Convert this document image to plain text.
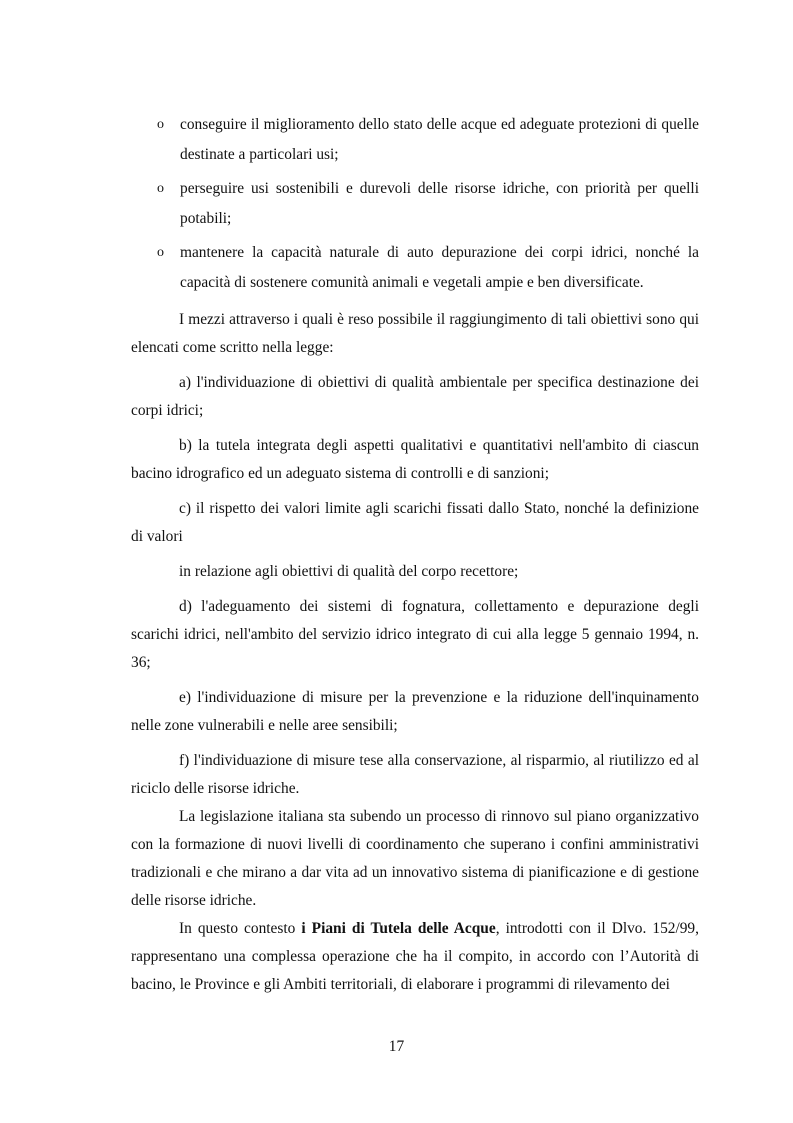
o conseguire il miglioramento dello stato delle acque ed adeguate protezioni di quelle destinate a particolari usi;
o perseguire usi sostenibili e durevoli delle risorse idriche, con priorità per quelli potabili;
o mantenere la capacità naturale di auto depurazione dei corpi idrici, nonché la capacità di sostenere comunità animali e vegetali ampie e ben diversificate.

I mezzi attraverso i quali è reso possibile il raggiungimento di tali obiettivi sono qui elencati come scritto nella legge:

a) l'individuazione di obiettivi di qualità ambientale per specifica destinazione dei corpi idrici;

b) la tutela integrata degli aspetti qualitativi e quantitativi nell'ambito di ciascun bacino idrografico ed un adeguato sistema di controlli e di sanzioni;

c) il rispetto dei valori limite agli scarichi fissati dallo Stato, nonché la definizione di valori

in relazione agli obiettivi di qualità del corpo recettore;

d) l'adeguamento dei sistemi di fognatura, collettamento e depurazione degli scarichi idrici, nell'ambito del servizio idrico integrato di cui alla legge 5 gennaio 1994, n. 36;

e) l'individuazione di misure per la prevenzione e la riduzione dell'inquinamento nelle zone vulnerabili e nelle aree sensibili;

f) l'individuazione di misure tese alla conservazione, al risparmio, al riutilizzo ed al riciclo delle risorse idriche.

La legislazione italiana sta subendo un processo di rinnovo sul piano organizzativo con la formazione di nuovi livelli di coordinamento che superano i confini amministrativi tradizionali e che mirano a dar vita ad un innovativo sistema di pianificazione e di gestione delle risorse idriche.

In questo contesto i Piani di Tutela delle Acque, introdotti con il Dlvo. 152/99, rappresentano una complessa operazione che ha il compito, in accordo con l’Autorità di bacino, le Province e gli Ambiti territoriali, di elaborare i programmi di rilevamento dei

17
